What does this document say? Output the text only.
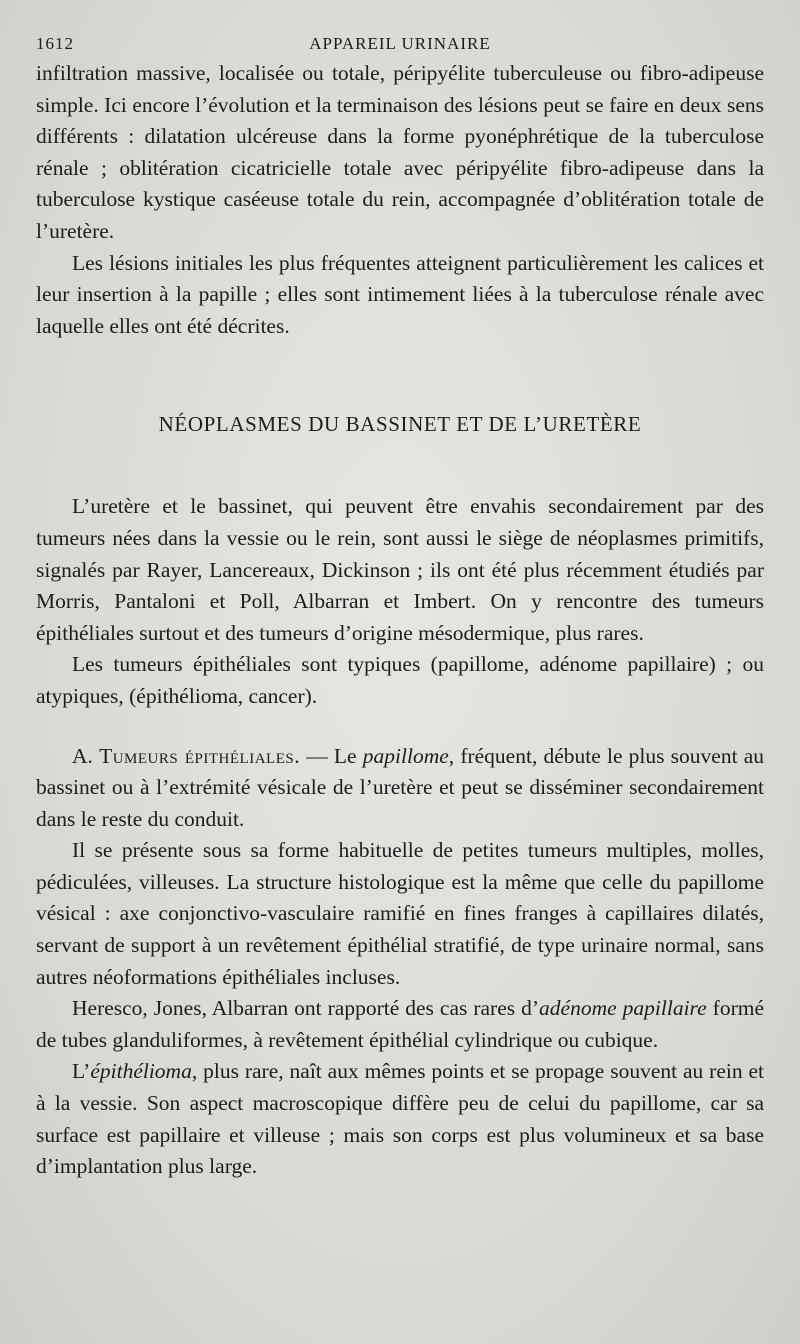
1612	APPAREIL URINAIRE

infiltration massive, localisée ou totale, péripyélite tuberculeuse ou fibro-adipeuse simple. Ici encore l’évolution et la terminaison des lésions peut se faire en deux sens différents : dilatation ulcéreuse dans la forme pyonéphrétique de la tuberculose rénale ; oblitération cicatricielle totale avec péripyélite fibro-adipeuse dans la tuberculose kystique caséeuse totale du rein, accompagnée d’oblitération totale de l’uretère.

Les lésions initiales les plus fréquentes atteignent particulièrement les calices et leur insertion à la papille ; elles sont intimement liées à la tuberculose rénale avec laquelle elles ont été décrites.

NÉOPLASMES DU BASSINET ET DE L’URETÈRE

L’uretère et le bassinet, qui peuvent être envahis secondairement par des tumeurs nées dans la vessie ou le rein, sont aussi le siège de néoplasmes primitifs, signalés par Rayer, Lancereaux, Dickinson ; ils ont été plus récemment étudiés par Morris, Pantaloni et Poll, Albarran et Imbert. On y rencontre des tumeurs épithéliales surtout et des tumeurs d’origine mésodermique, plus rares.

Les tumeurs épithéliales sont typiques (papillome, adénome papillaire) ; ou atypiques, (épithélioma, cancer).

A. Tumeurs épithéliales. — Le papillome, fréquent, débute le plus souvent au bassinet ou à l’extrémité vésicale de l’uretère et peut se disséminer secondairement dans le reste du conduit.

Il se présente sous sa forme habituelle de petites tumeurs multiples, molles, pédiculées, villeuses. La structure histologique est la même que celle du papillome vésical : axe conjonctivo-vasculaire ramifié en fines franges à capillaires dilatés, servant de support à un revêtement épithélial stratifié, de type urinaire normal, sans autres néoformations épithéliales incluses.

Heresco, Jones, Albarran ont rapporté des cas rares d’adénome papillaire formé de tubes glanduliformes, à revêtement épithélial cylindrique ou cubique.

L’épithélioma, plus rare, naît aux mêmes points et se propage souvent au rein et à la vessie. Son aspect macroscopique diffère peu de celui du papillome, car sa surface est papillaire et villeuse ; mais son corps est plus volumineux et sa base d’implantation plus large.
